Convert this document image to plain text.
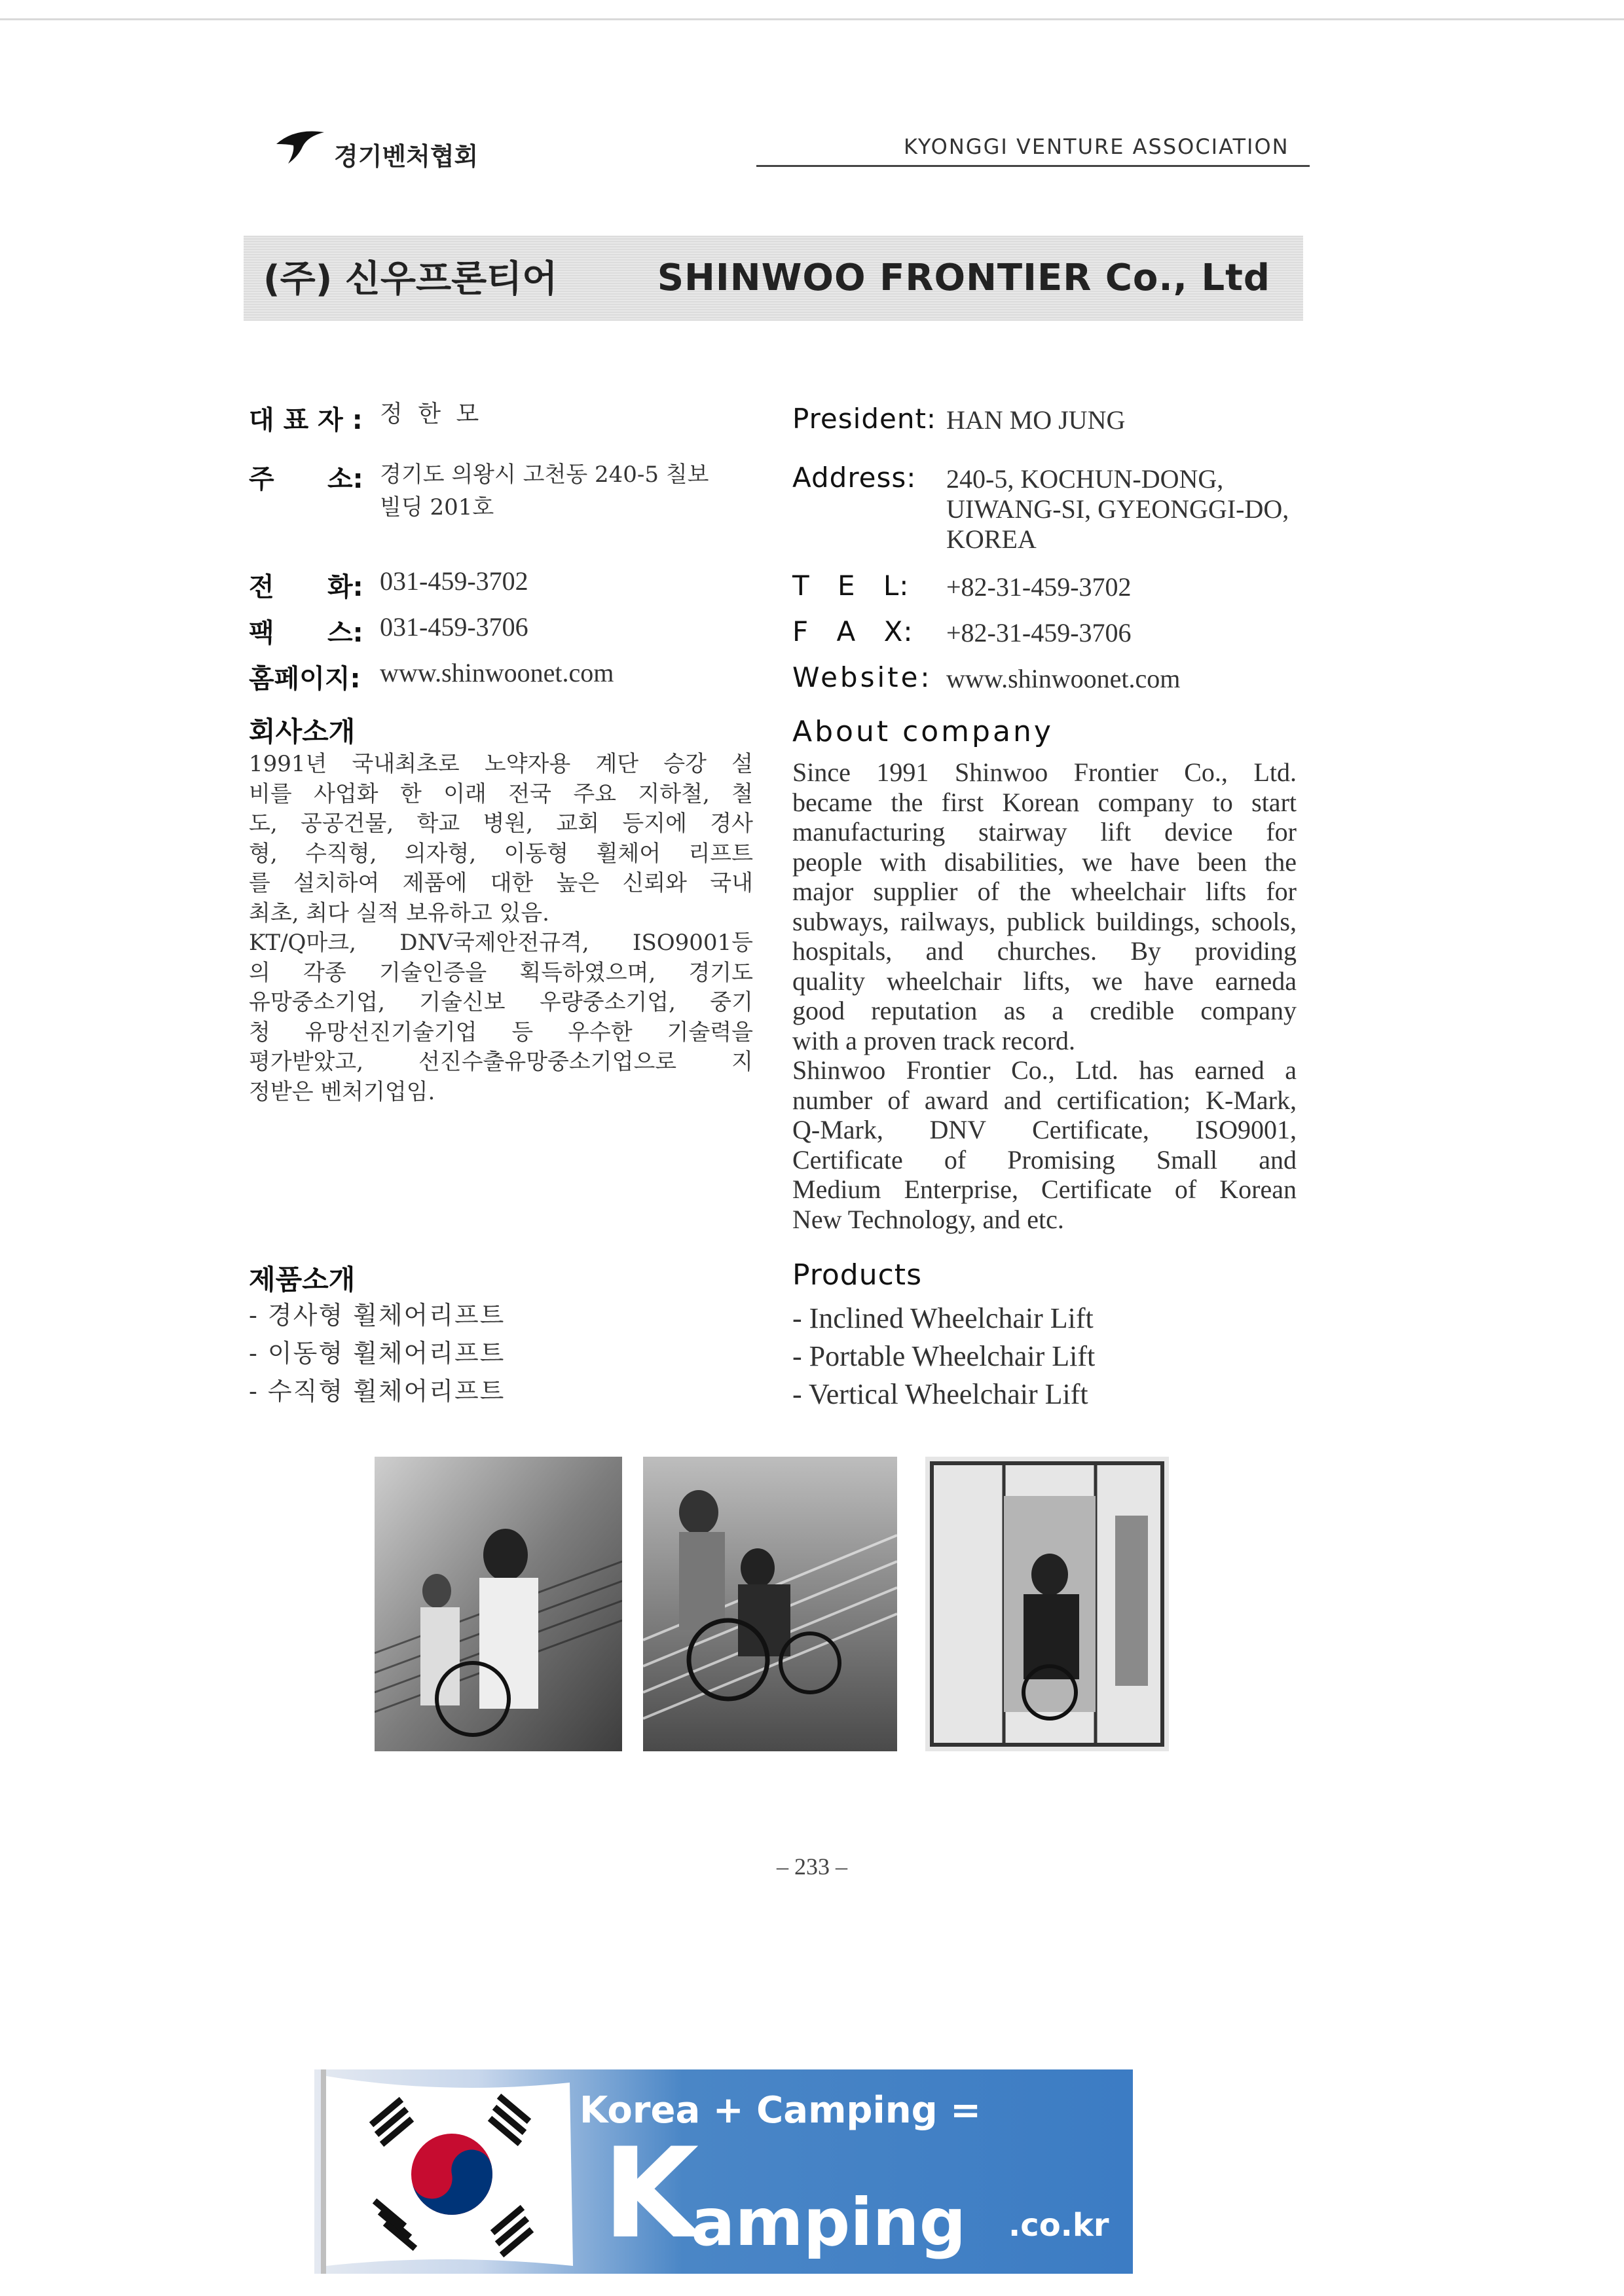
경기벤처협회	KYONGGI VENTURE ASSOCIATION
(주) 신우프론티어	SHINWOO FRONTIER Co., Ltd
대 표 자 : 정 한 모
주 소: 경기도 의왕시 고천동 240-5 칠보
빌딩 201호
전 화: 031-459-3702
팩 스: 031-459-3706
홈페이지: www.shinwoonet.com
President: HAN MO JUNG
Address: 240-5, KOCHUN-DONG,
UIWANG-SI, GYEONGGI-DO,
KOREA
T E L: +82-31-459-3702
F A X: +82-31-459-3706
Website: www.shinwoonet.com
회사소개
1991년 국내최초로 노약자용 계단 승강 설
비를 사업화 한 이래 전국 주요 지하철, 철
도, 공공건물, 학교 병원, 교회 등지에 경사
형, 수직형, 의자형, 이동형 휠체어 리프트
를 설치하여 제품에 대한 높은 신뢰와 국내
최초, 최다 실적 보유하고 있음.
KT/Q마크, DNV국제안전규격, ISO9001등
의 각종 기술인증을 획득하였으며, 경기도
유망중소기업, 기술신보 우량중소기업, 중기
청 유망선진기술기업 등 우수한 기술력을
평가받았고, 선진수출유망중소기업으로 지
정받은 벤처기업임.
About company
Since 1991 Shinwoo Frontier Co., Ltd.
became the first Korean company to start
manufacturing stairway lift device for
people with disabilities, we have been the
major supplier of the wheelchair lifts for
subways, railways, publick buildings, schools,
hospitals, and churches. By providing
quality wheelchair lifts, we have earneda
good reputation as a credible company
with a proven track record.
Shinwoo Frontier Co., Ltd. has earned a
number of award and certification; K-Mark,
Q-Mark, DNV Certificate, ISO9001,
Certificate of Promising Small and
Medium Enterprise, Certificate of Korean
New Technology, and etc.
제품소개
- 경사형 휠체어리프트
- 이동형 휠체어리프트
- 수직형 휠체어리프트
Products
- Inclined Wheelchair Lift
- Portable Wheelchair Lift
- Vertical Wheelchair Lift
– 233 –
Korea + Camping =
K
amping .co.kr
